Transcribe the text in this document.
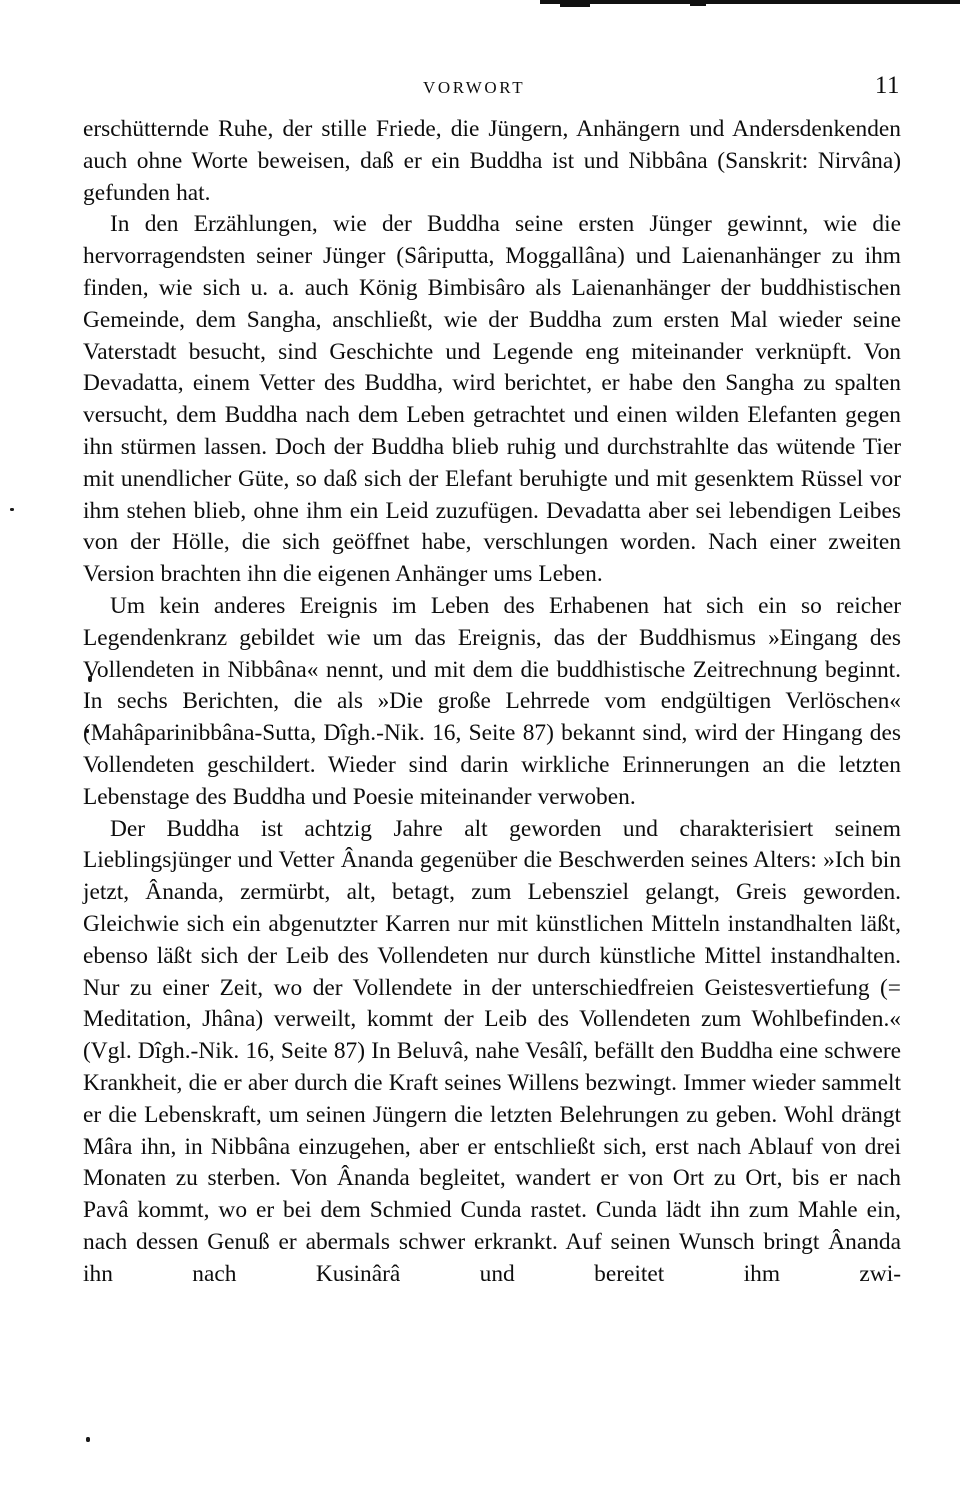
VORWORT	11

erschütternde Ruhe, der stille Friede, die Jüngern, Anhängern und Andersdenkenden auch ohne Worte beweisen, daß er ein Buddha ist und Nibbâna (Sanskrit: Nirvâna) gefunden hat.

In den Erzählungen, wie der Buddha seine ersten Jünger gewinnt, wie die hervorragendsten seiner Jünger (Sâriputta, Moggallâna) und Laienanhänger zu ihm finden, wie sich u. a. auch König Bimbisâro als Laienanhänger der buddhistischen Gemeinde, dem Sangha, anschließt, wie der Buddha zum ersten Mal wieder seine Vaterstadt besucht, sind Geschichte und Legende eng miteinander verknüpft. Von Devadatta, einem Vetter des Buddha, wird berichtet, er habe den Sangha zu spalten versucht, dem Buddha nach dem Leben getrachtet und einen wilden Elefanten gegen ihn stürmen lassen. Doch der Buddha blieb ruhig und durchstrahlte das wütende Tier mit unendlicher Güte, so daß sich der Elefant beruhigte und mit gesenktem Rüssel vor ihm stehen blieb, ohne ihm ein Leid zuzufügen. Devadatta aber sei lebendigen Leibes von der Hölle, die sich geöffnet habe, verschlungen worden. Nach einer zweiten Version brachten ihn die eigenen Anhänger ums Leben.

Um kein anderes Ereignis im Leben des Erhabenen hat sich ein so reicher Legendenkranz gebildet wie um das Ereignis, das der Buddhismus »Eingang des Vollendeten in Nibbâna« nennt, und mit dem die buddhistische Zeitrechnung beginnt. In sechs Berichten, die als »Die große Lehrrede vom endgültigen Verlöschen« (Mahâparinibbâna-Sutta, Dîgh.-Nik. 16, Seite 87) bekannt sind, wird der Hingang des Vollendeten geschildert. Wieder sind darin wirkliche Erinnerungen an die letzten Lebenstage des Buddha und Poesie miteinander verwoben.

Der Buddha ist achtzig Jahre alt geworden und charakterisiert seinem Lieblingsjünger und Vetter Ânanda gegenüber die Beschwerden seines Alters: »Ich bin jetzt, Ânanda, zermürbt, alt, betagt, zum Lebensziel gelangt, Greis geworden. Gleichwie sich ein abgenutzter Karren nur mit künstlichen Mitteln instandhalten läßt, ebenso läßt sich der Leib des Vollendeten nur durch künstliche Mittel instandhalten. Nur zu einer Zeit, wo der Vollendete in der unterschiedfreien Geistesvertiefung (= Meditation, Jhâna) verweilt, kommt der Leib des Vollendeten zum Wohlbefinden.« (Vgl. Dîgh.-Nik. 16, Seite 87) In Beluvâ, nahe Vesâlî, befällt den Buddha eine schwere Krankheit, die er aber durch die Kraft seines Willens bezwingt. Immer wieder sammelt er die Lebenskraft, um seinen Jüngern die letzten Belehrungen zu geben. Wohl drängt Mâra ihn, in Nibbâna einzugehen, aber er entschließt sich, erst nach Ablauf von drei Monaten zu sterben. Von Ânanda begleitet, wandert er von Ort zu Ort, bis er nach Pavâ kommt, wo er bei dem Schmied Cunda rastet. Cunda lädt ihn zum Mahle ein, nach dessen Genuß er abermals schwer erkrankt. Auf seinen Wunsch bringt Ânanda ihn nach Kusinârâ und bereitet ihm zwi-
